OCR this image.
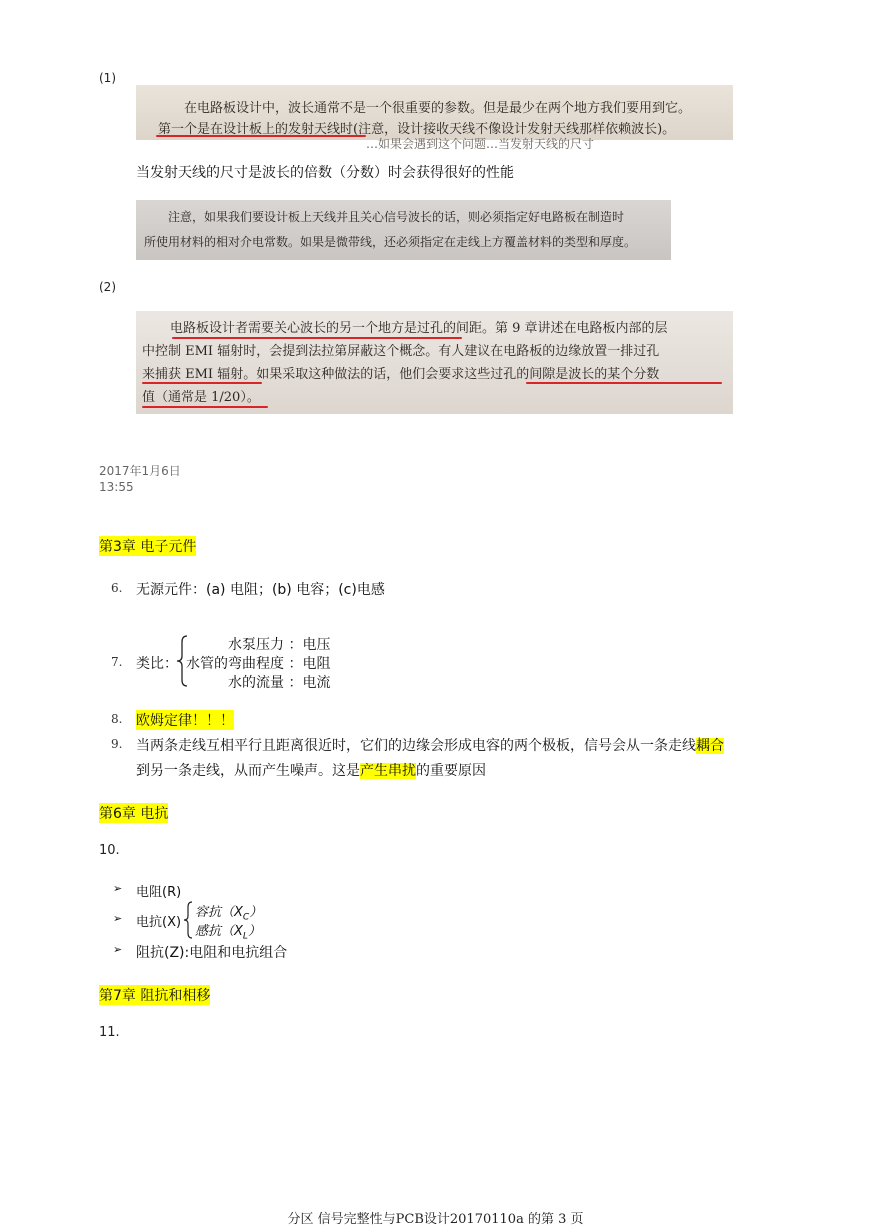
(1)
在电路板设计中，波长通常不是一个很重要的参数。但是最少在两个地方我们要用到它。
第一个是在设计板上的发射天线时(注意，设计接收天线不像设计发射天线那样依赖波长)。
…如果会遇到这个问题…当发射天线的尺寸
当发射天线的尺寸是波长的倍数（分数）时会获得很好的性能
注意，如果我们要设计板上天线并且关心信号波长的话，则必须指定好电路板在制造时
所使用材料的相对介电常数。如果是微带线，还必须指定在走线上方覆盖材料的类型和厚度。
(2)
电路板设计者需要关心波长的另一个地方是过孔的间距。第 9 章讲述在电路板内部的层
中控制 EMI 辐射时，会提到法拉第屏蔽这个概念。有人建议在电路板的边缘放置一排过孔
来捕获 EMI 辐射。如果采取这种做法的话，他们会要求这些过孔的间隙是波长的某个分数
值（通常是 1/20）。
2017年1月6日
13:55
第3章 电子元件
6. 无源元件：(a) 电阻；(b) 电容；(c)电感
7. 类比：
水泵压力 ：电压
水管的弯曲程度 ：电阻
水的流量 ：电流
8. 欧姆定律！！！
9. 当两条走线互相平行且距离很近时，它们的边缘会形成电容的两个极板，信号会从一条走线耦合
到另一条走线，从而产生噪声。这是产生串扰的重要原因
第6章 电抗
10.
➢ 电阻(R)
➢ 电抗(X)
容抗$(X_C)$
感抗$(X_L)$
➢ 阻抗(Z):电阻和电抗组合
第7章 阻抗和相移
11.
分区 信号完整性与PCB设计20170110a 的第 3 页
